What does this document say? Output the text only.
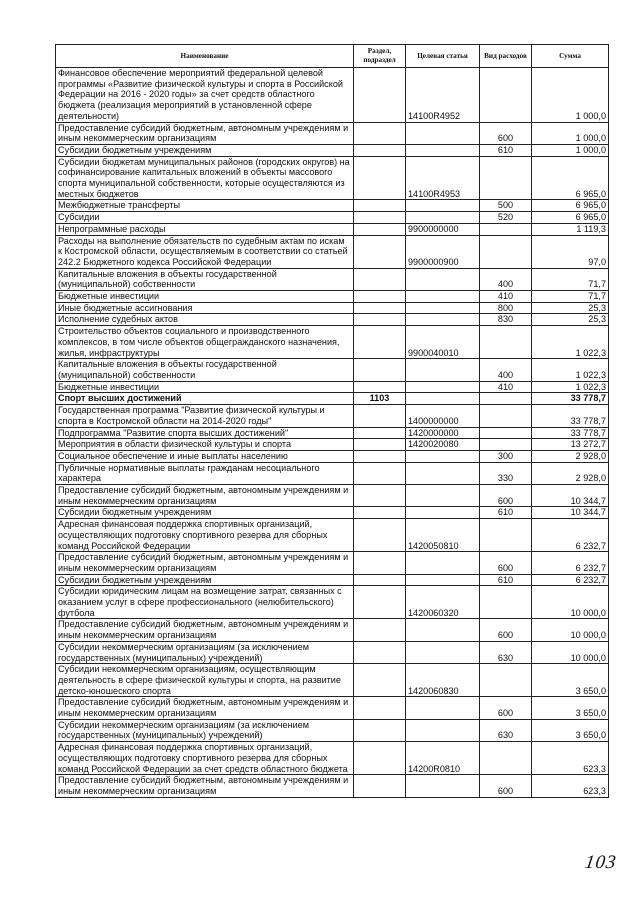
Наименование	Раздел, подраздел	Целевая статья	Вид расходов	Сумма
Финансовое обеспечение мероприятий федеральной целевой программы «Развитие физической культуры и спорта в Российской Федерации на 2016 - 2020 годы» за счет средств областного бюджета (реализация мероприятий в установленной сфере деятельности)		14100R4952		1 000,0
Предоставление субсидий бюджетным, автономным учреждениям и иным некоммерческим организациям			600	1 000,0
Субсидии бюджетным учреждениям			610	1 000,0
Субсидии бюджетам муниципальных районов (городских округов) на софинансирование капитальных вложений в объекты массового спорта муниципальной собственности, которые осуществляются из местных бюджетов		14100R4953		6 965,0
Межбюджетные трансферты			500	6 965,0
Субсидии			520	6 965,0
Непрограммные расходы		9900000000		1 119,3
Расходы на выполнение обязательств по судебным актам по искам к Костромской области, осуществляемым в соответствии со статьей 242.2 Бюджетного кодекса Российской Федерации		9900000900		97,0
Капитальные вложения в объекты государственной (муниципальной) собственности			400	71,7
Бюджетные инвестиции			410	71,7
Иные бюджетные ассигнования			800	25,3
Исполнение судебных актов			830	25,3
Строительство объектов социального и производственного комплексов, в том числе объектов общегражданского назначения, жилья, инфраструктуры		9900040010		1 022,3
Капитальные вложения в объекты государственной (муниципальной) собственности			400	1 022,3
Бюджетные инвестиции			410	1 022,3
Спорт высших достижений	1103			33 778,7
Государственная программа "Развитие физической культуры и спорта в Костромской области на 2014-2020 годы"		1400000000		33 778,7
Подпрограмма "Развитие спорта высших достижений"		1420000000		33 778,7
Мероприятия в области физической культуры и спорта		1420020080		13 272,7
Социальное обеспечение и иные выплаты населению			300	2 928,0
Публичные нормативные выплаты гражданам несоциального характера			330	2 928,0
Предоставление субсидий бюджетным, автономным учреждениям и иным некоммерческим организациям			600	10 344,7
Субсидии бюджетным учреждениям			610	10 344,7
Адресная финансовая поддержка спортивных организаций, осуществляющих подготовку спортивного резерва для сборных команд Российской Федерации		1420050810		6 232,7
Предоставление субсидий бюджетным, автономным учреждениям и иным некоммерческим организациям			600	6 232,7
Субсидии бюджетным учреждениям			610	6 232,7
Субсидии юридическим лицам на возмещение затрат, связанных с оказанием услуг в сфере профессионального (нелюбительского) футбола		1420060320		10 000,0
Предоставление субсидий бюджетным, автономным учреждениям и иным некоммерческим организациям			600	10 000,0
Субсидии некоммерческим организациям (за исключением государственных (муниципальных) учреждений)			630	10 000,0
Субсидии некоммерческим организациям, осуществляющим деятельность в сфере физической культуры и спорта, на развитие детско-юношеского спорта		1420060830		3 650,0
Предоставление субсидий бюджетным, автономным учреждениям и иным некоммерческим организациям			600	3 650,0
Субсидии некоммерческим организациям (за исключением государственных (муниципальных) учреждений)			630	3 650,0
Адресная финансовая поддержка спортивных организаций, осуществляющих подготовку спортивного резерва для сборных команд Российской Федерации за счет средств областного бюджета		14200R0810		623,3
Предоставление субсидий бюджетным, автономным учреждениям и иным некоммерческим организациям			600	623,3
103
